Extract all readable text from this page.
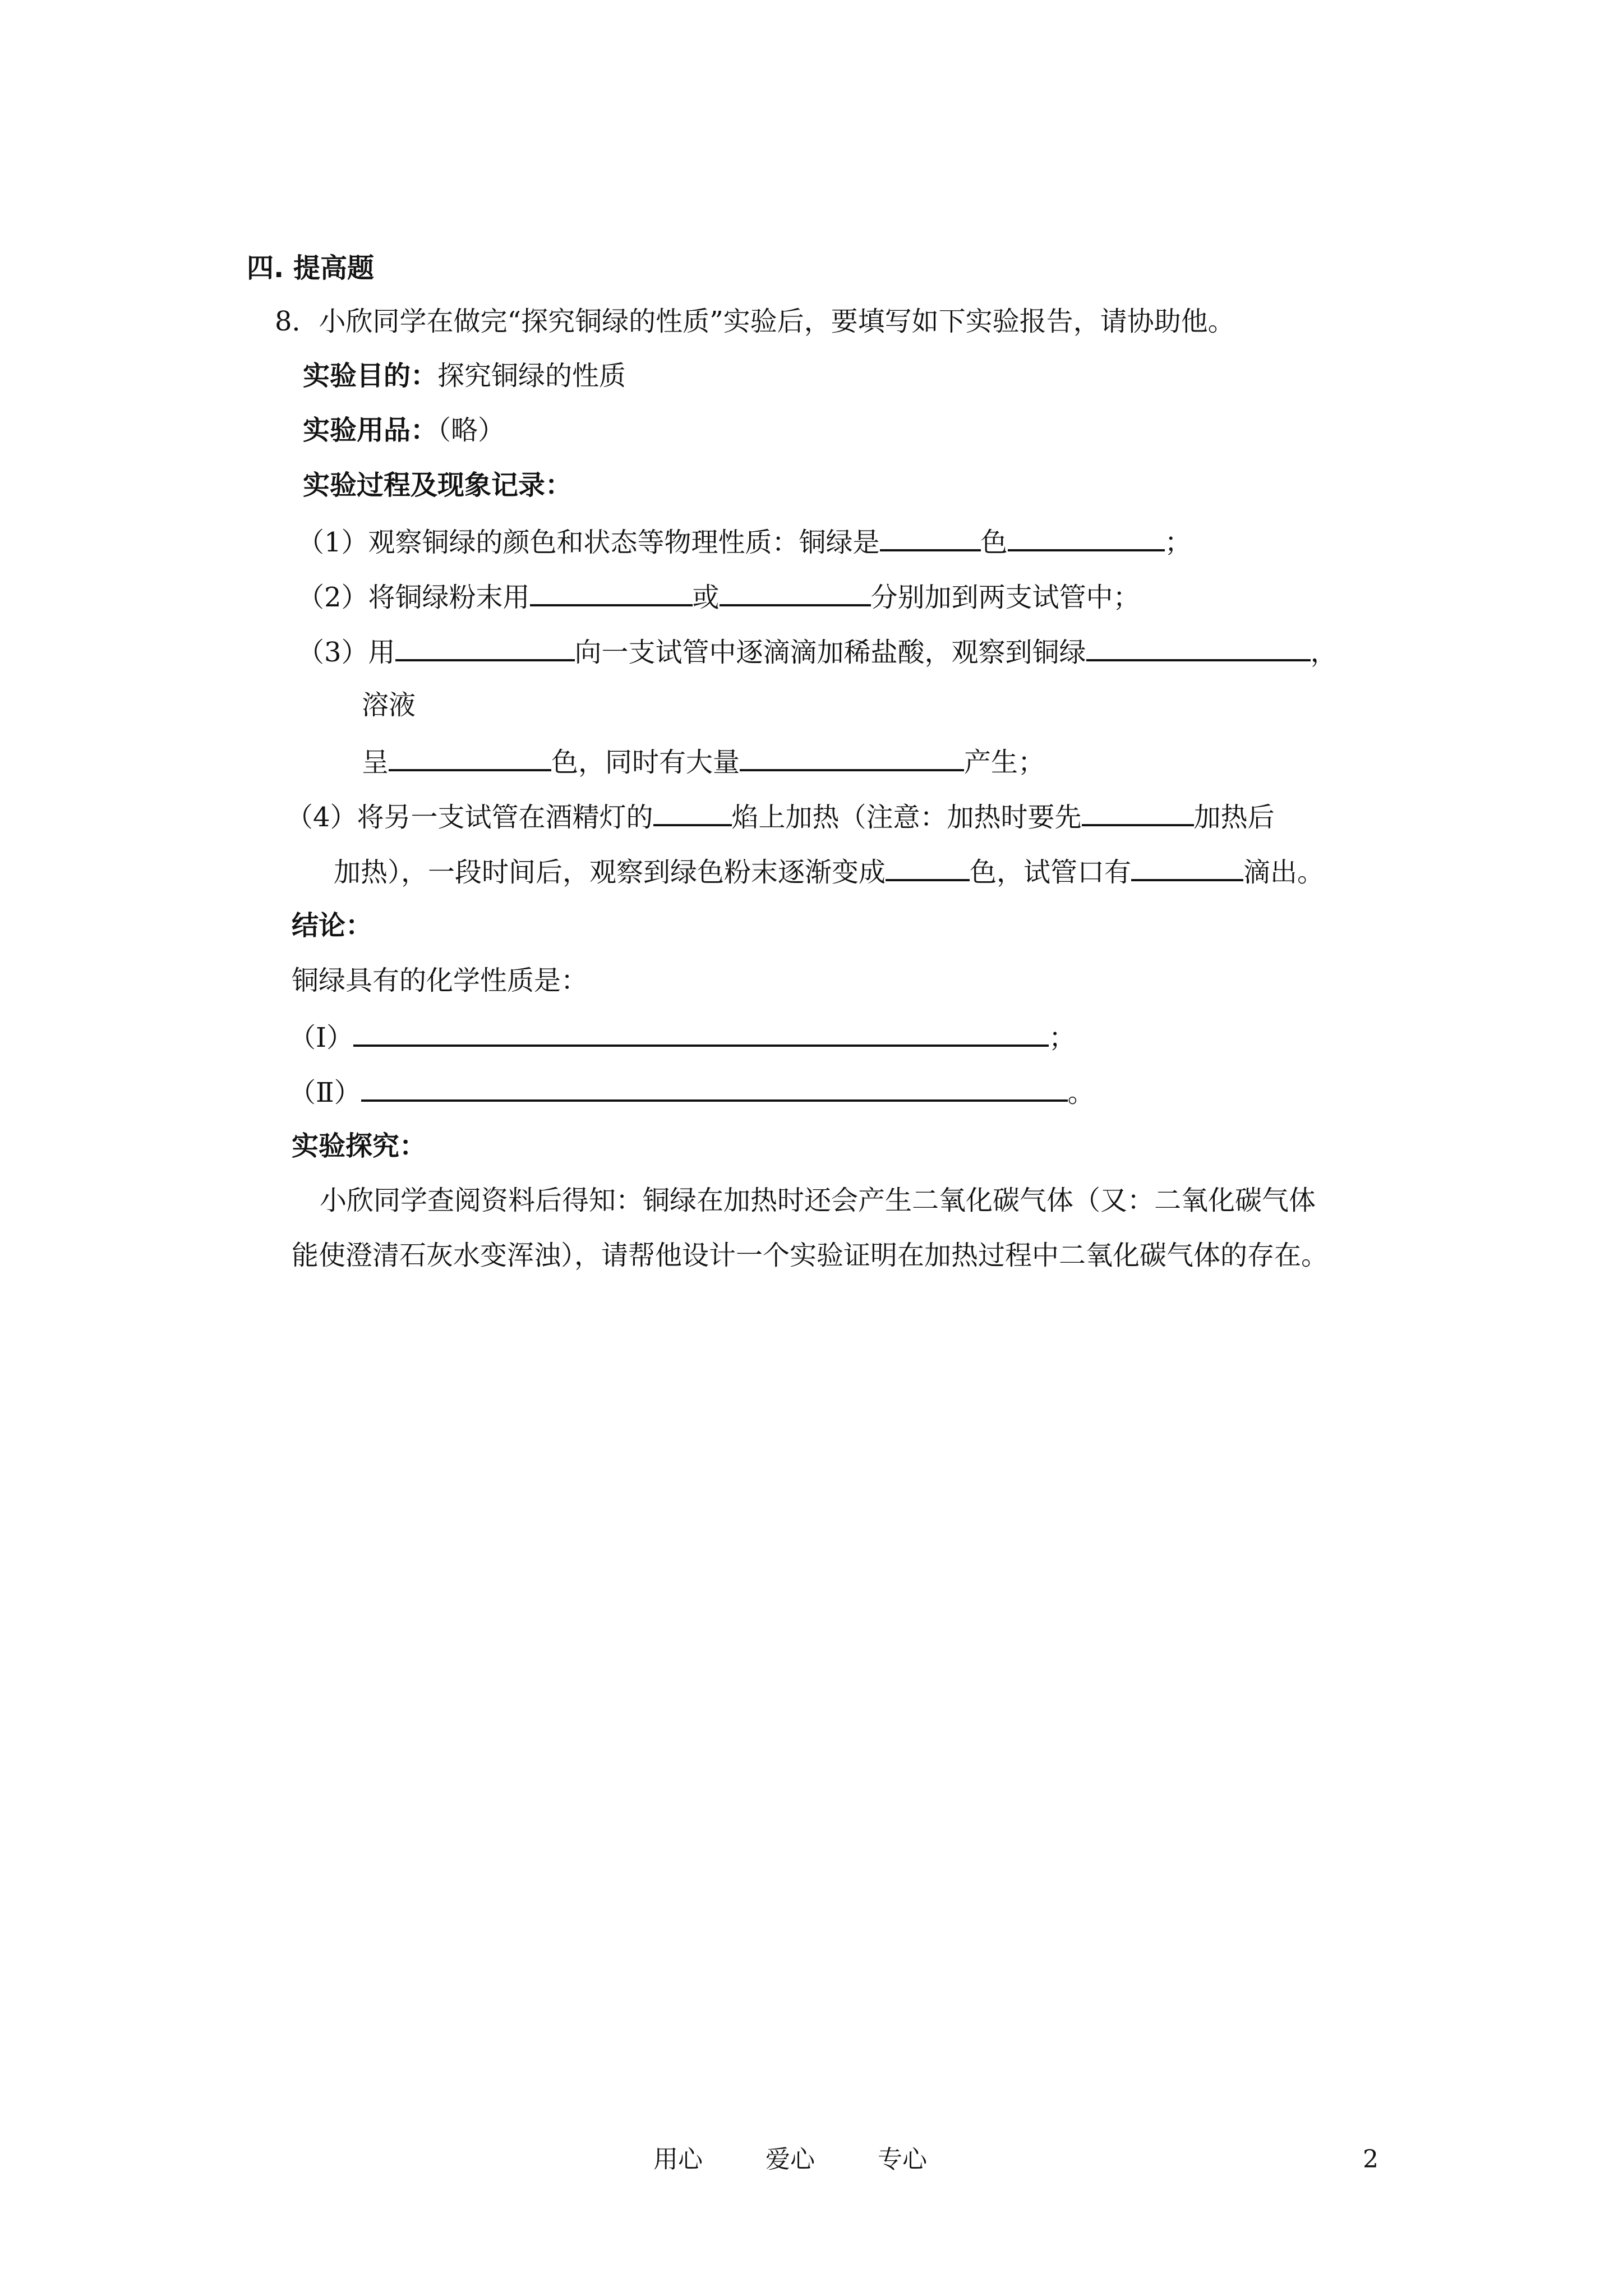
四. 提高题
8．小欣同学在做完“探究铜绿的性质”实验后，要填写如下实验报告，请协助他。
实验目的：探究铜绿的性质
实验用品：（略）
实验过程及现象记录：
（1）观察铜绿的颜色和状态等物理性质：铜绿是	色	；
（2）将铜绿粉末用	或	分别加到两支试管中；
（3）用	向一支试管中逐滴滴加稀盐酸，观察到铜绿	，
溶液
呈	色，同时有大量	产生；
（4）将另一支试管在酒精灯的	焰上加热（注意：加热时要先	加热后
加热），一段时间后，观察到绿色粉末逐渐变成	色，试管口有	滴出。
结论：
铜绿具有的化学性质是：
（Ⅰ）	；
（Ⅱ）	。
实验探究：
小欣同学查阅资料后得知：铜绿在加热时还会产生二氧化碳气体（又：二氧化碳气体
能使澄清石灰水变浑浊），请帮他设计一个实验证明在加热过程中二氧化碳气体的存在。
用心	爱心	专心	2
